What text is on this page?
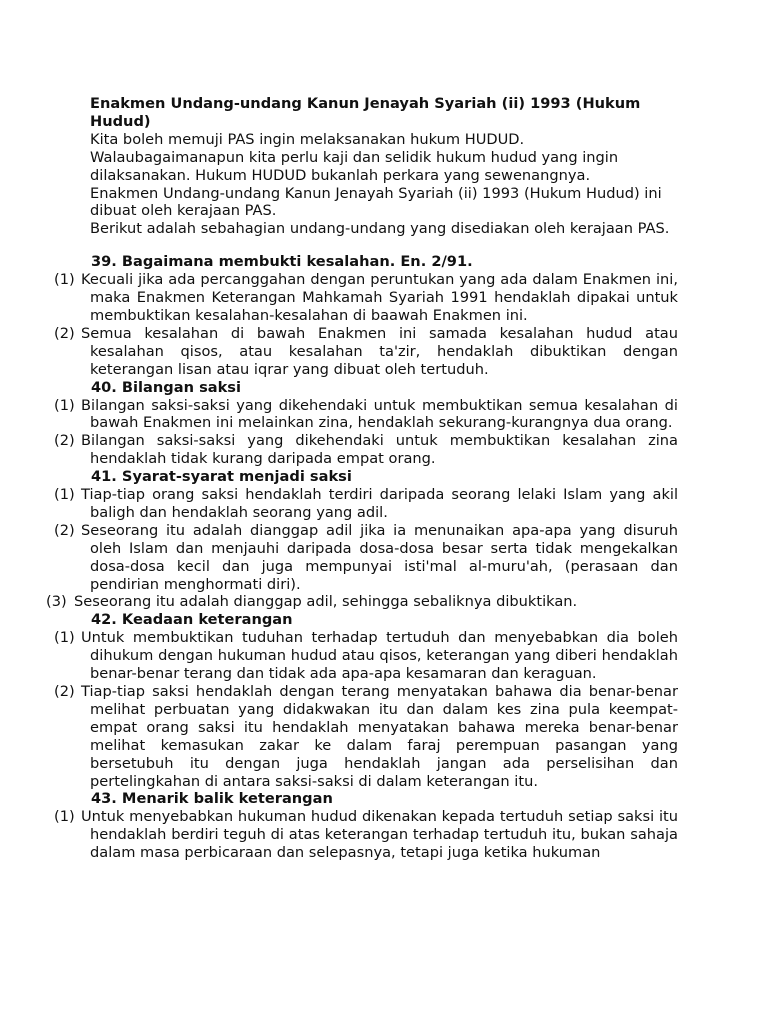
Enakmen Undang-undang Kanun Jenayah Syariah (ii) 1993 (Hukum Hudud)

Kita boleh memuji PAS ingin melaksanakan hukum HUDUD. Walaubagaimanapun kita perlu kaji dan selidik hukum hudud yang ingin dilaksanakan. Hukum HUDUD bukanlah perkara yang sewenangnya.

Enakmen Undang-undang Kanun Jenayah Syariah (ii) 1993 (Hukum Hudud) ini dibuat oleh kerajaan PAS.

Berikut adalah sebahagian undang-undang yang disediakan oleh kerajaan PAS.

39. Bagaimana membukti kesalahan. En. 2/91.
(1) Kecuali jika ada percanggahan dengan peruntukan yang ada dalam Enakmen ini, maka Enakmen Keterangan Mahkamah Syariah 1991 hendaklah dipakai untuk membuktikan kesalahan-kesalahan di baawah Enakmen ini.
(2) Semua kesalahan di bawah Enakmen ini samada kesalahan hudud atau kesalahan qisos, atau kesalahan ta'zir, hendaklah dibuktikan dengan keterangan lisan atau iqrar yang dibuat oleh tertuduh.
40. Bilangan saksi
(1) Bilangan saksi-saksi yang dikehendaki untuk membuktikan semua kesalahan di bawah Enakmen ini melainkan zina, hendaklah sekurang-kurangnya dua orang.
(2) Bilangan saksi-saksi yang dikehendaki untuk membuktikan kesalahan zina hendaklah tidak kurang daripada empat orang.
41. Syarat-syarat menjadi saksi
(1) Tiap-tiap orang saksi hendaklah terdiri daripada seorang lelaki Islam yang akil baligh dan hendaklah seorang yang adil.
(2) Seseorang itu adalah dianggap adil jika ia menunaikan apa-apa yang disuruh oleh Islam dan menjauhi daripada dosa-dosa besar serta tidak mengekalkan dosa-dosa kecil dan juga mempunyai isti'mal al-muru'ah, (perasaan dan pendirian menghormati diri).
(3) Seseorang itu adalah dianggap adil, sehingga sebaliknya dibuktikan.
42. Keadaan keterangan
(1) Untuk membuktikan tuduhan terhadap tertuduh dan menyebabkan dia boleh dihukum dengan hukuman hudud atau qisos, keterangan yang diberi hendaklah benar-benar terang dan tidak ada apa-apa kesamaran dan keraguan.
(2) Tiap-tiap saksi hendaklah dengan terang menyatakan bahawa dia benar-benar melihat perbuatan yang didakwakan itu dan dalam kes zina pula keempat-empat orang saksi itu hendaklah menyatakan bahawa mereka benar-benar melihat kemasukan zakar ke dalam faraj perempuan pasangan yang bersetubuh itu dengan juga hendaklah jangan ada perselisihan dan pertelingkahan di antara saksi-saksi di dalam keterangan itu.
43. Menarik balik keterangan
(1) Untuk menyebabkan hukuman hudud dikenakan kepada tertuduh setiap saksi itu hendaklah berdiri teguh di atas keterangan terhadap tertuduh itu, bukan sahaja dalam masa perbicaraan dan selepasnya, tetapi juga ketika hukuman
